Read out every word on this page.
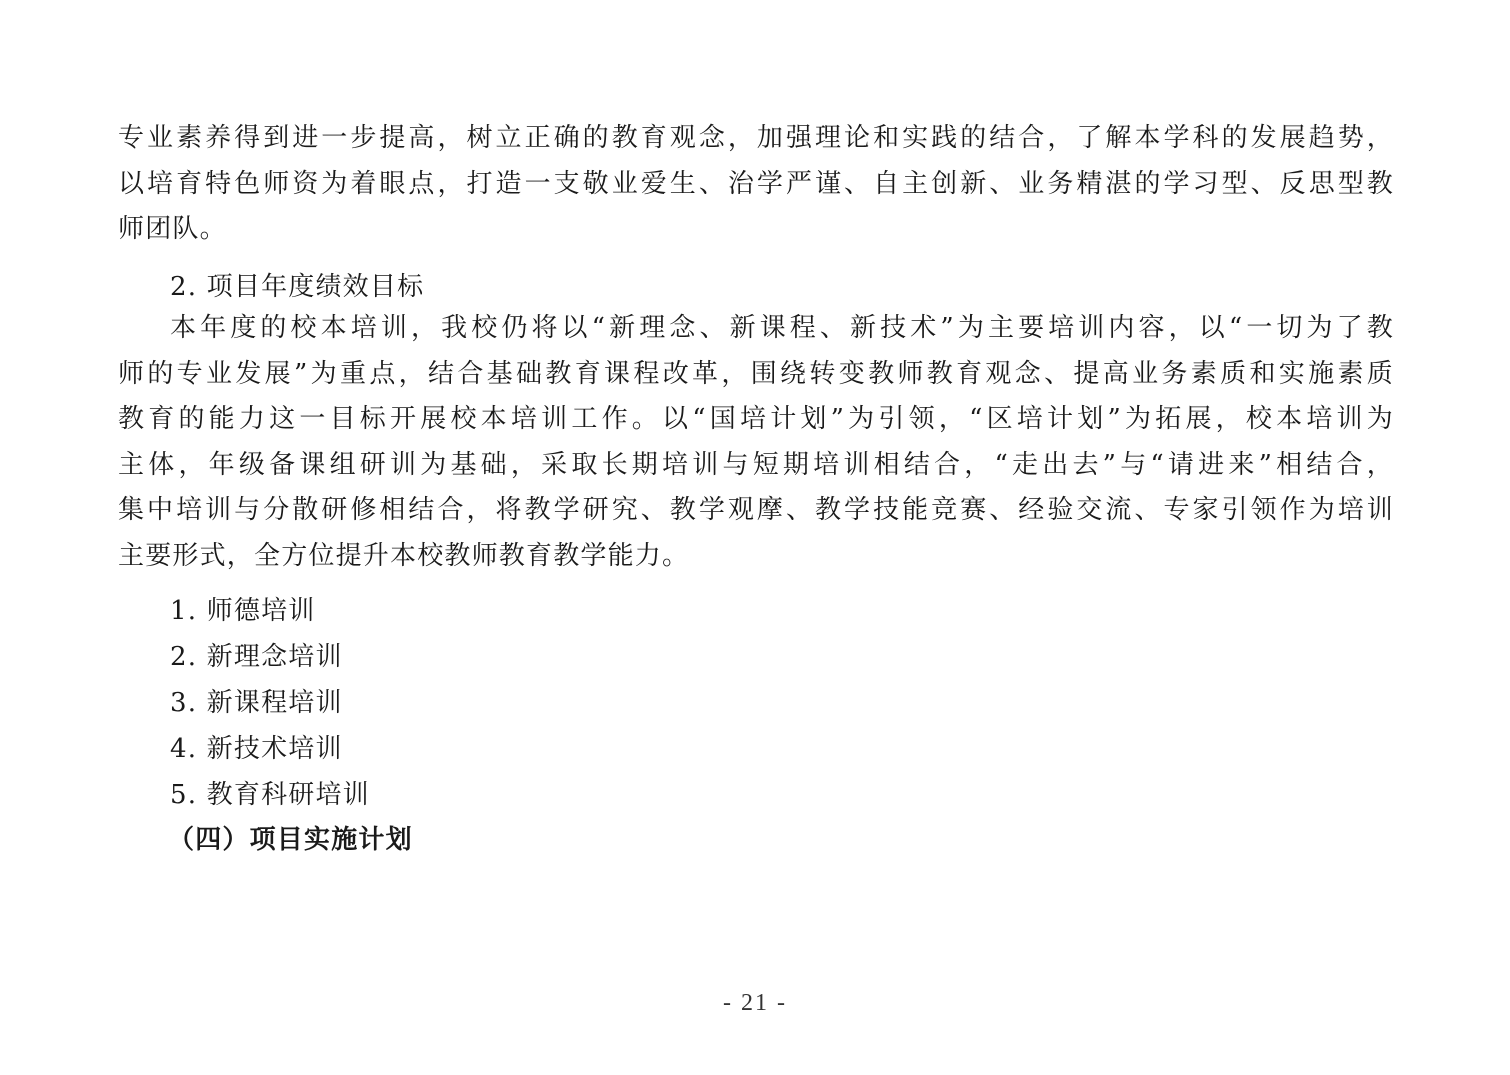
专业素养得到进一步提高，树立正确的教育观念，加强理论和实践的结合，了解本学科的发展趋势，
以培育特色师资为着眼点，打造一支敬业爱生、治学严谨、自主创新、业务精湛的学习型、反思型教
师团队。
2. 项目年度绩效目标
本年度的校本培训，我校仍将以“新理念、新课程、新技术”为主要培训内容，以“一切为了教
师的专业发展”为重点，结合基础教育课程改革，围绕转变教师教育观念、提高业务素质和实施素质
教育的能力这一目标开展校本培训工作。以“国培计划”为引领，“区培计划”为拓展，校本培训为
主体，年级备课组研训为基础，采取长期培训与短期培训相结合，“走出去”与“请进来”相结合，
集中培训与分散研修相结合，将教学研究、教学观摩、教学技能竞赛、经验交流、专家引领作为培训
主要形式，全方位提升本校教师教育教学能力。
1. 师德培训
2. 新理念培训
3. 新课程培训
4. 新技术培训
5. 教育科研培训
（四）项目实施计划
- 21 -
